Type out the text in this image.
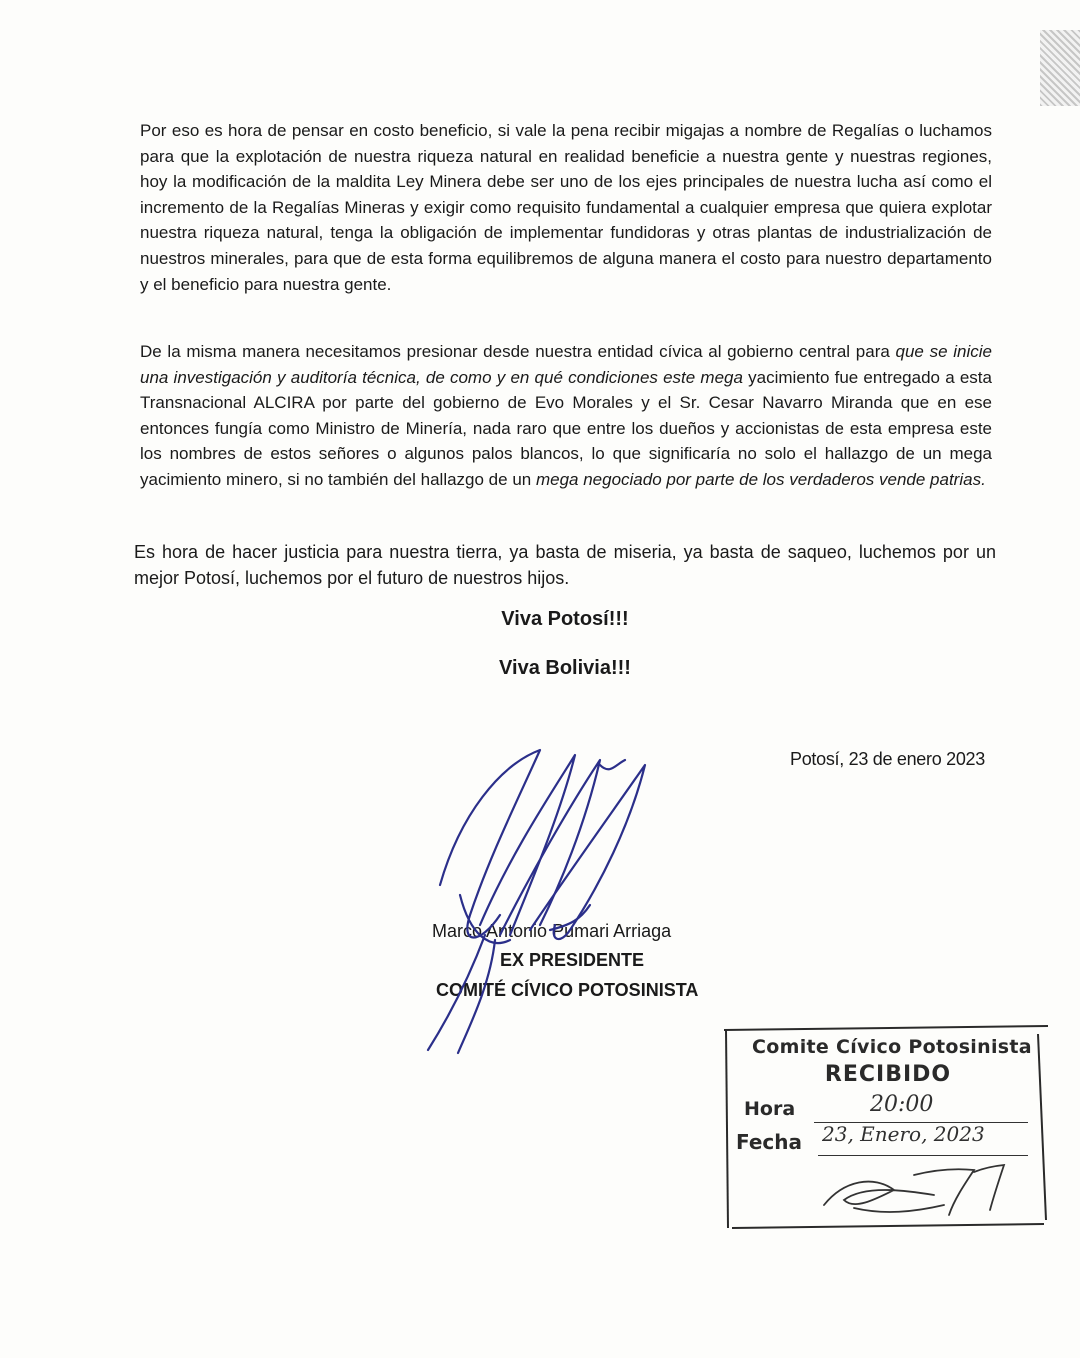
Por eso es hora de pensar en costo beneficio, si vale la pena recibir migajas a nombre de Regalías o luchamos para que la explotación de nuestra riqueza natural en realidad beneficie a nuestra gente y nuestras regiones, hoy la modificación de la maldita Ley Minera debe ser uno de los ejes principales de nuestra lucha así como el incremento de la Regalías Mineras y exigir como requisito fundamental a cualquier empresa que quiera explotar nuestra riqueza natural, tenga la obligación de implementar fundidoras y otras plantas de industrialización de nuestros minerales, para que de esta forma equilibremos de alguna manera el costo para nuestro departamento y el beneficio para nuestra gente.

De la misma manera necesitamos presionar desde nuestra entidad cívica al gobierno central para que se inicie una investigación y auditoría técnica, de como y en qué condiciones este mega yacimiento fue entregado a esta Transnacional ALCIRA por parte del gobierno de Evo Morales y el Sr. Cesar Navarro Miranda que en ese entonces fungía como Ministro de Minería, nada raro que entre los dueños y accionistas de esta empresa este los nombres de estos señores o algunos palos blancos, lo que significaría no solo el hallazgo de un mega yacimiento minero, si no también del hallazgo de un mega negociado por parte de los verdaderos vende patrias.

Es hora de hacer justicia para nuestra tierra, ya basta de miseria, ya basta de saqueo, luchemos por un mejor Potosí, luchemos por el futuro de nuestros hijos.

Viva Potosí!!!
Viva Bolivia!!!
Potosí, 23 de enero 2023
Marco Antonio Pumari Arriaga
EX PRESIDENTE
COMITÉ CÍVICO POTOSINISTA
Comite Cívico Potosinista
RECIBIDO
Hora	20:00
Fecha 23, Enero, 2023
